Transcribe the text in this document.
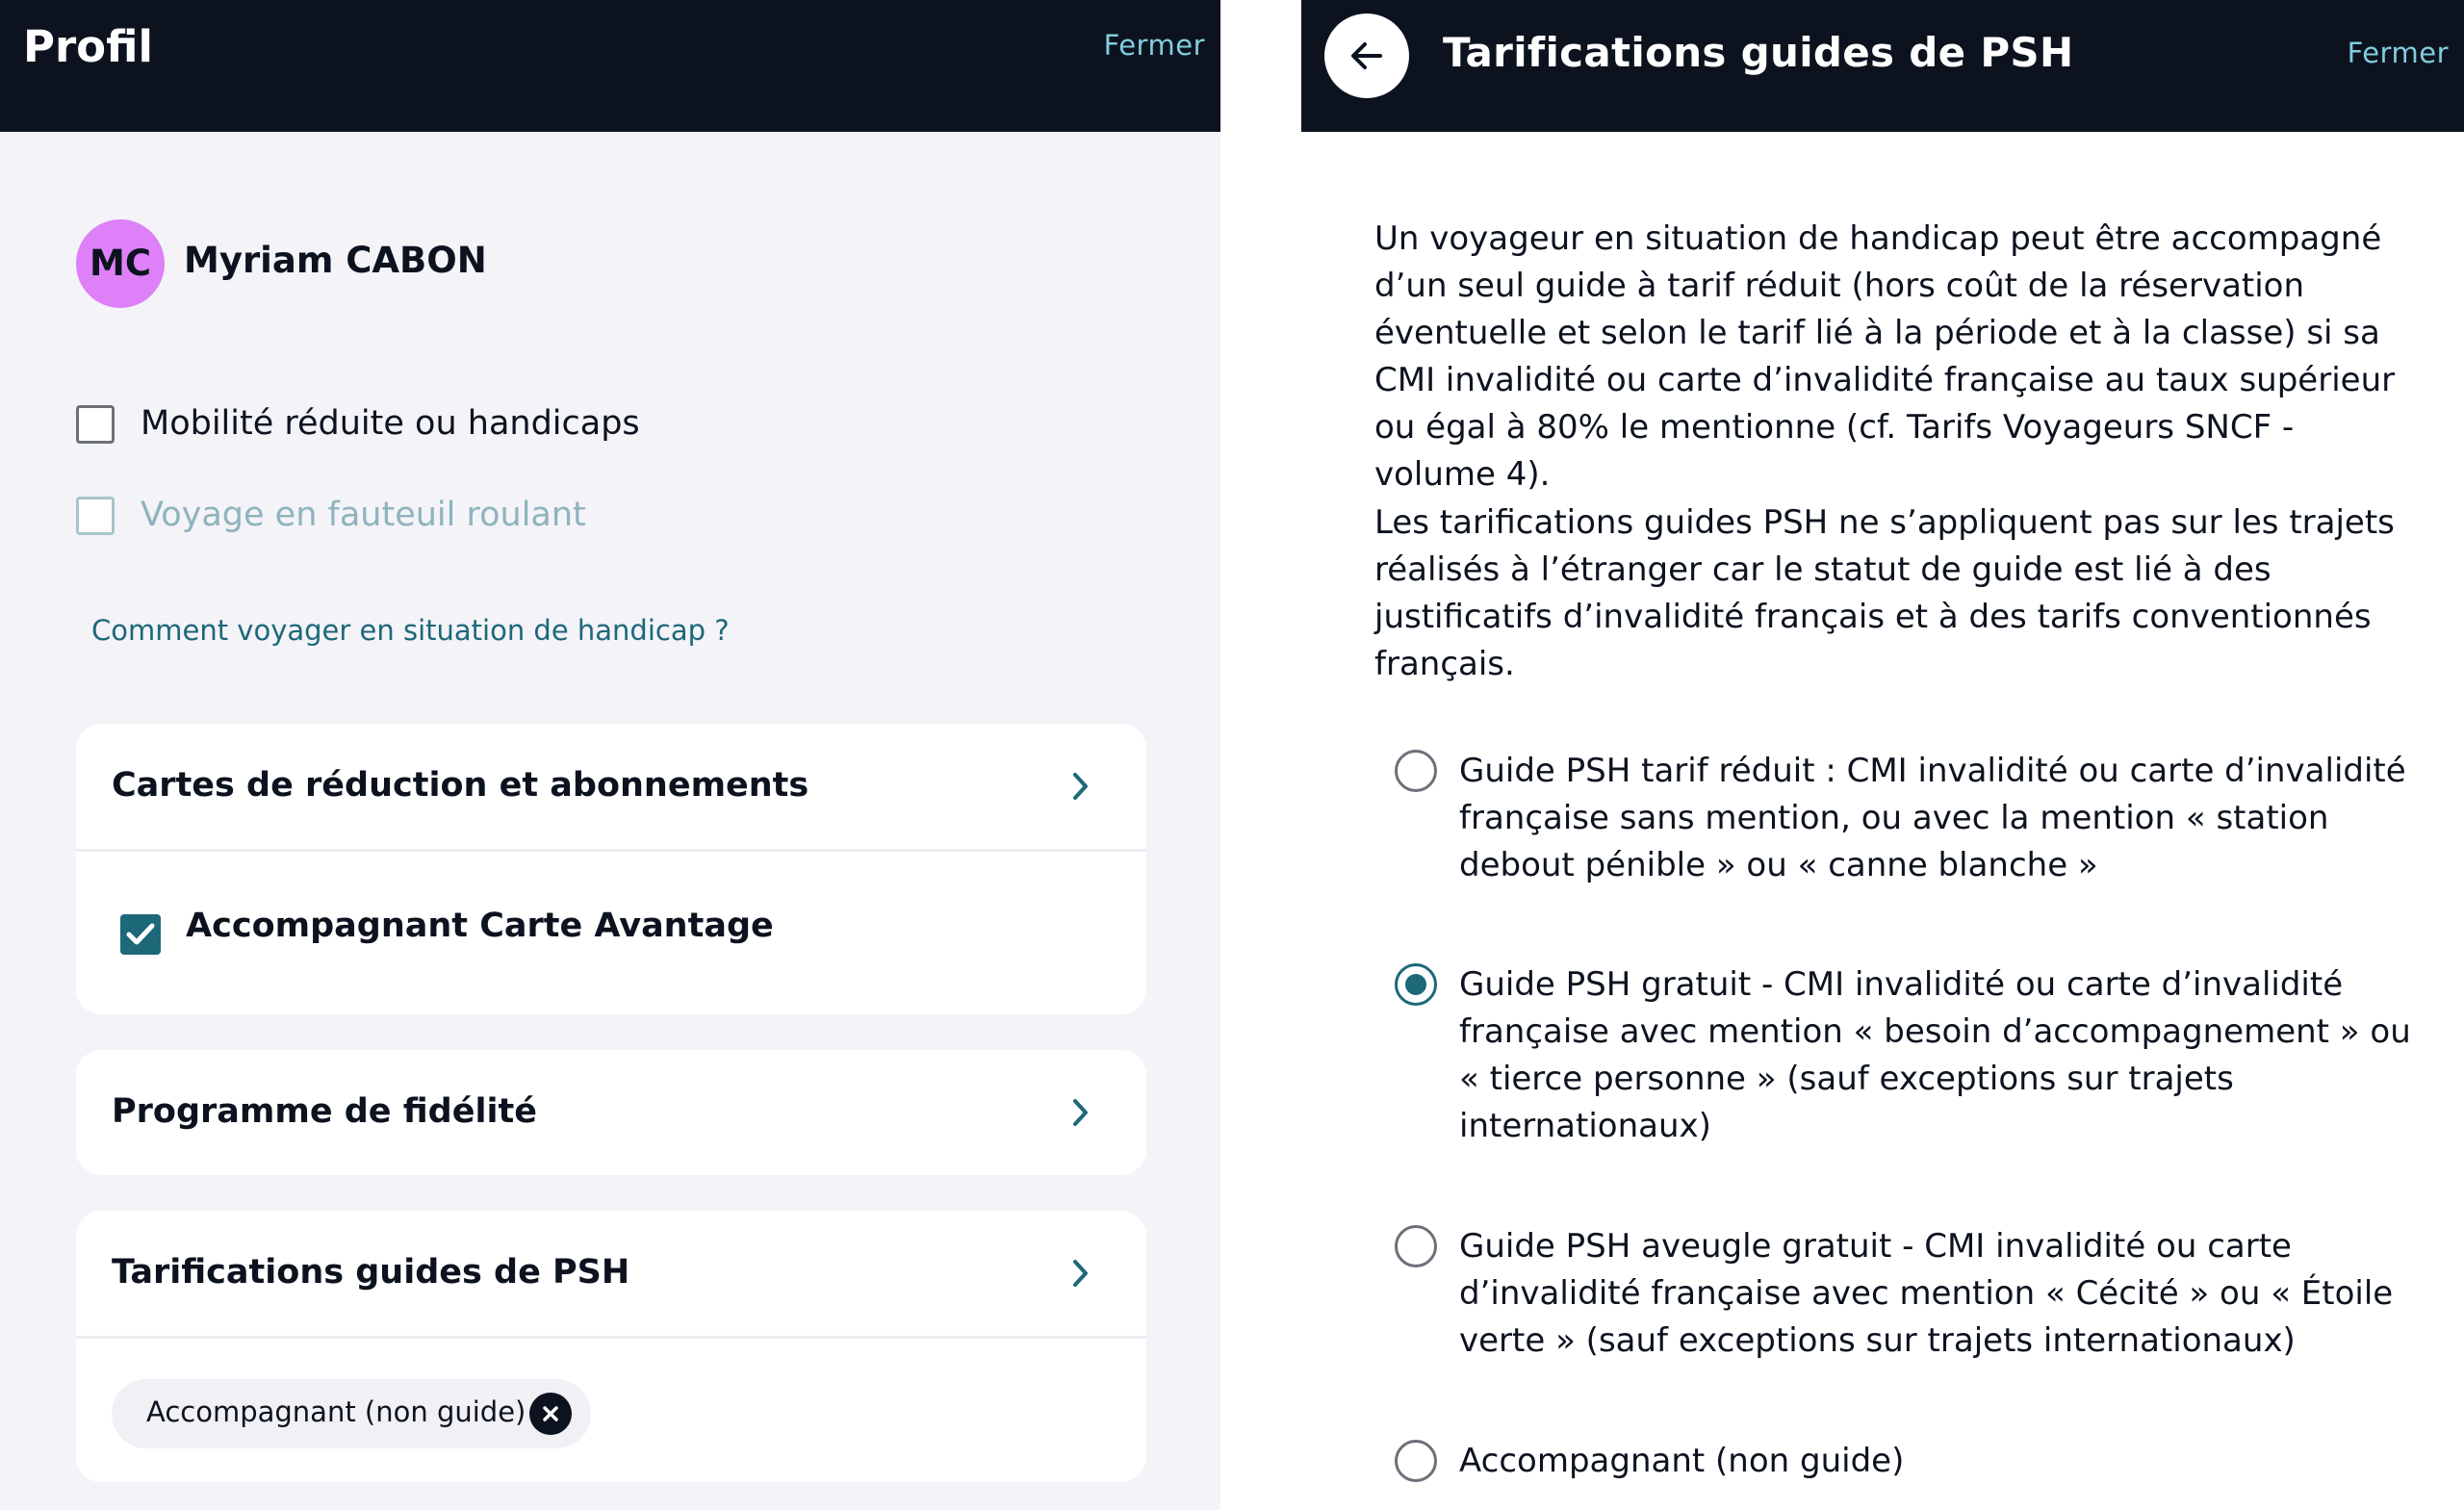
Profil	Fermer
MC Myriam CABON
Mobilité réduite ou handicaps
Voyage en fauteuil roulant
Comment voyager en situation de handicap ?
Cartes de réduction et abonnements
Accompagnant Carte Avantage
Programme de fidélité
Tarifications guides de PSH
Accompagnant (non guide)
Tarifications guides de PSH	Fermer

Un voyageur en situation de handicap peut être accompagné d’un seul guide à tarif réduit (hors coût de la réservation éventuelle et selon le tarif lié à la période et à la classe) si sa CMI invalidité ou carte d’invalidité française au taux supérieur ou égal à 80% le mentionne (cf. Tarifs Voyageurs SNCF - volume 4).

Les tarifications guides PSH ne s’appliquent pas sur les trajets réalisés à l’étranger car le statut de guide est lié à des justificatifs d’invalidité français et à des tarifs conventionnés français.

Guide PSH tarif réduit : CMI invalidité ou carte d’invalidité française sans mention, ou avec la mention « station debout pénible » ou « canne blanche »
Guide PSH gratuit - CMI invalidité ou carte d’invalidité française avec mention « besoin d’accompagnement » ou « tierce personne » (sauf exceptions sur trajets internationaux)
Guide PSH aveugle gratuit - CMI invalidité ou carte d’invalidité française avec mention « Cécité » ou « Étoile verte » (sauf exceptions sur trajets internationaux)
Accompagnant (non guide)
